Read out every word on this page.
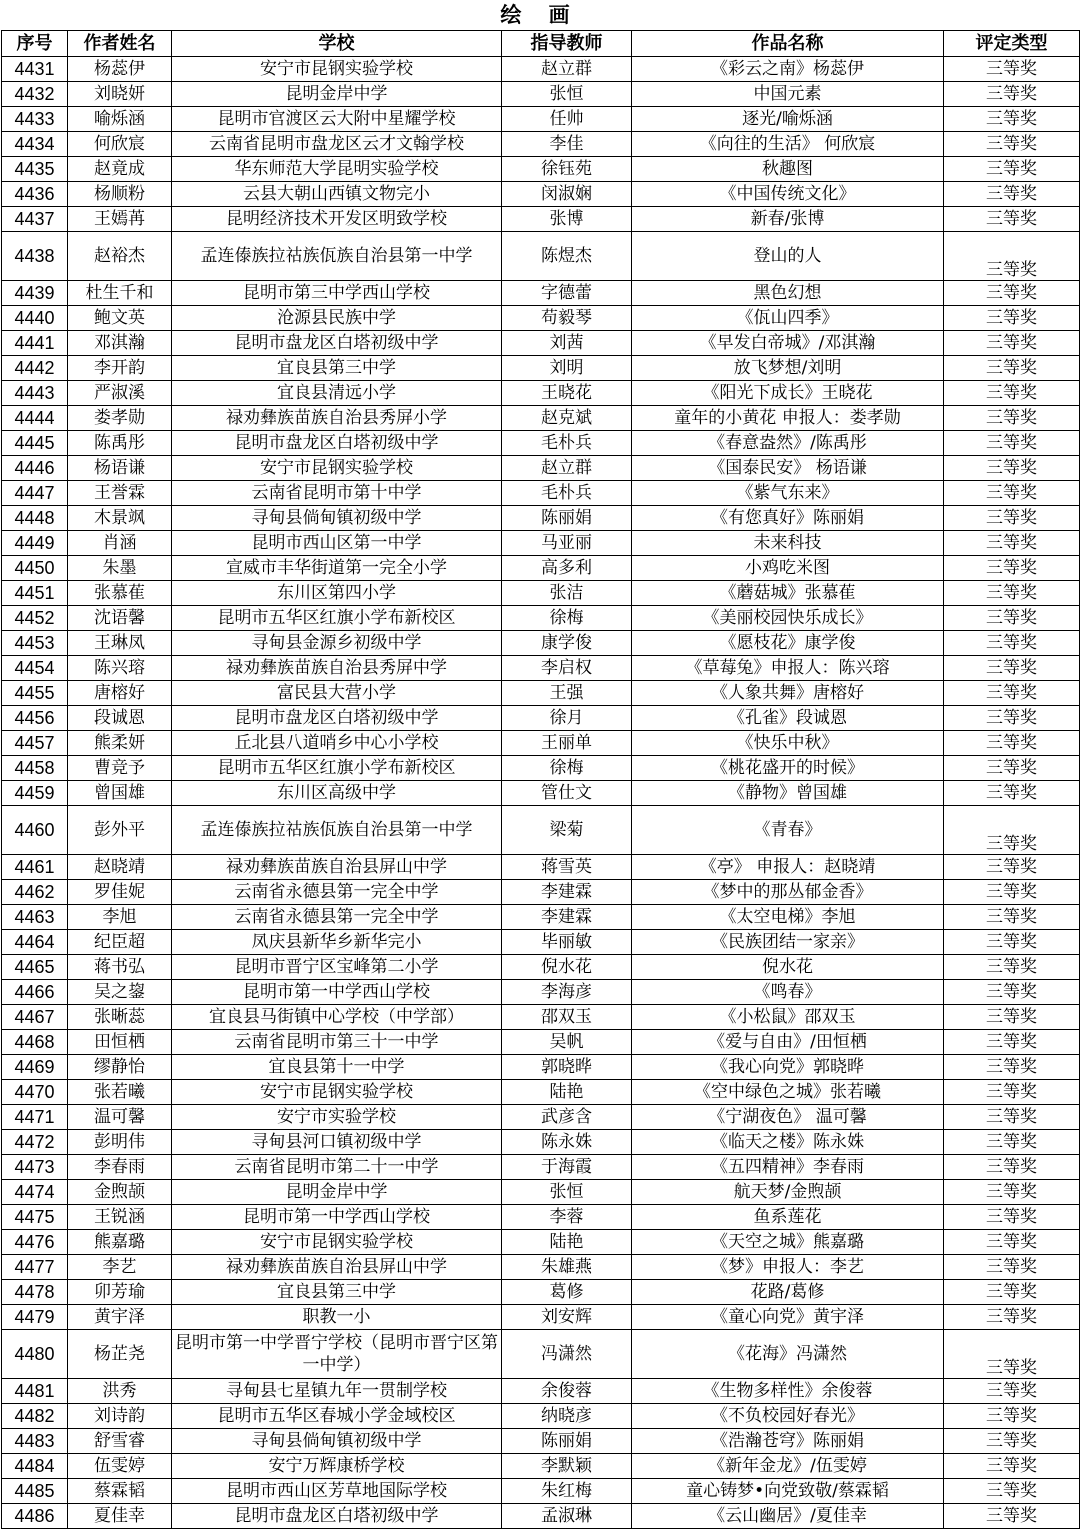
绘 画
序号	作者姓名	学校	指导教师	作品名称	评定类型
4431	杨蕊伊	安宁市昆钢实验学校	赵立群	《彩云之南》杨蕊伊	三等奖
4432	刘晓妍	昆明金岸中学	张恒	中国元素	三等奖
4433	喻烁涵	昆明市官渡区云大附中星耀学校	任帅	逐光/喻烁涵	三等奖
4434	何欣宸	云南省昆明市盘龙区云才文翰学校	李佳	《向往的生活》 何欣宸	三等奖
4435	赵竟成	华东师范大学昆明实验学校	徐钰苑	秋趣图	三等奖
4436	杨顺粉	云县大朝山西镇文物完小	闵淑娴	《中国传统文化》	三等奖
4437	王嫣苒	昆明经济技术开发区明致学校	张博	新春/张博	三等奖
4438	赵裕杰	孟连傣族拉祜族佤族自治县第一中学	陈煜杰	登山的人	三等奖
4439	杜生千和	昆明市第三中学西山学校	字德蕾	黑色幻想	三等奖
4440	鲍文英	沧源县民族中学	苟毅琴	《佤山四季》	三等奖
4441	邓淇瀚	昆明市盘龙区白塔初级中学	刘茜	《早发白帝城》/邓淇瀚	三等奖
4442	李开韵	宜良县第三中学	刘明	放飞梦想/刘明	三等奖
4443	严淑溪	宜良县清远小学	王晓花	《阳光下成长》王晓花	三等奖
4444	娄孝勋	禄劝彝族苗族自治县秀屏小学	赵克斌	童年的小黄花 申报人：娄孝勋	三等奖
4445	陈禹彤	昆明市盘龙区白塔初级中学	毛朴兵	《春意盎然》/陈禹彤	三等奖
4446	杨语谦	安宁市昆钢实验学校	赵立群	《国泰民安》 杨语谦	三等奖
4447	王誉霖	云南省昆明市第十中学	毛朴兵	《紫气东来》	三等奖
4448	木景飒	寻甸县倘甸镇初级中学	陈丽娟	《有您真好》陈丽娟	三等奖
4449	肖涵	昆明市西山区第一中学	马亚丽	未来科技	三等奖
4450	朱墨	宣威市丰华街道第一完全小学	高多利	小鸡吃米图	三等奖
4451	张慕萑	东川区第四小学	张洁	《蘑菇城》张慕萑	三等奖
4452	沈语馨	昆明市五华区红旗小学布新校区	徐梅	《美丽校园快乐成长》	三等奖
4453	王琳凤	寻甸县金源乡初级中学	康学俊	《愿枝花》康学俊	三等奖
4454	陈兴瑢	禄劝彝族苗族自治县秀屏中学	李启权	《草莓兔》申报人：陈兴瑢	三等奖
4455	唐榕好	富民县大营小学	王强	《人象共舞》唐榕好	三等奖
4456	段诚恩	昆明市盘龙区白塔初级中学	徐月	《孔雀》段诚恩	三等奖
4457	熊柔妍	丘北县八道哨乡中心小学校	王丽单	《快乐中秋》	三等奖
4458	曹竞予	昆明市五华区红旗小学布新校区	徐梅	《桃花盛开的时候》	三等奖
4459	曾国雄	东川区高级中学	管仕文	《静物》曾国雄	三等奖
4460	彭外平	孟连傣族拉祜族佤族自治县第一中学	梁菊	《青春》	三等奖
4461	赵晓靖	禄劝彝族苗族自治县屏山中学	蒋雪英	《亭》 申报人：赵晓靖	三等奖
4462	罗佳妮	云南省永德县第一完全中学	李建霖	《梦中的那丛郁金香》	三等奖
4463	李旭	云南省永德县第一完全中学	李建霖	《太空电梯》李旭	三等奖
4464	纪臣超	凤庆县新华乡新华完小	毕丽敏	《民族团结一家亲》	三等奖
4465	蒋书弘	昆明市晋宁区宝峰第二小学	倪水花	倪水花	三等奖
4466	吴之鋆	昆明市第一中学西山学校	李海彦	《鸣春》	三等奖
4467	张晰蕊	宜良县马街镇中心学校（中学部）	邵双玉	《小松鼠》邵双玉	三等奖
4468	田恒栖	云南省昆明市第三十一中学	吴帆	《爱与自由》/田恒栖	三等奖
4469	缪静怡	宜良县第十一中学	郭晓晔	《我心向党》郭晓晔	三等奖
4470	张若曦	安宁市昆钢实验学校	陆艳	《空中绿色之城》张若曦	三等奖
4471	温可馨	安宁市实验学校	武彦含	《宁湖夜色》 温可馨	三等奖
4472	彭明伟	寻甸县河口镇初级中学	陈永姝	《临天之楼》陈永姝	三等奖
4473	李春雨	云南省昆明市第二十一中学	于海霞	《五四精神》李春雨	三等奖
4474	金煦颉	昆明金岸中学	张恒	航天梦/金煦颉	三等奖
4475	王锐涵	昆明市第一中学西山学校	李蓉	鱼系莲花	三等奖
4476	熊嘉璐	安宁市昆钢实验学校	陆艳	《天空之城》熊嘉璐	三等奖
4477	李艺	禄劝彝族苗族自治县屏山中学	朱雄燕	《梦》申报人：李艺	三等奖
4478	卯芳瑜	宜良县第三中学	葛修	花路/葛修	三等奖
4479	黄宇泽	职教一小	刘安辉	《童心向党》黄宇泽	三等奖
4480	杨芷尧	昆明市第一中学晋宁学校（昆明市晋宁区第一中学）	冯潇然	《花海》冯潇然	三等奖
4481	洪秀	寻甸县七星镇九年一贯制学校	余俊蓉	《生物多样性》余俊蓉	三等奖
4482	刘诗韵	昆明市五华区春城小学金域校区	纳晓彦	《不负校园好春光》	三等奖
4483	舒雪睿	寻甸县倘甸镇初级中学	陈丽娟	《浩瀚苍穹》陈丽娟	三等奖
4484	伍雯婷	安宁万辉康桥学校	李默颖	《新年金龙》/伍雯婷	三等奖
4485	蔡霖韬	昆明市西山区芳草地国际学校	朱红梅	童心铸梦•向党致敬/蔡霖韬	三等奖
4486	夏佳幸	昆明市盘龙区白塔初级中学	孟淑琳	《云山幽居》/夏佳幸	三等奖
